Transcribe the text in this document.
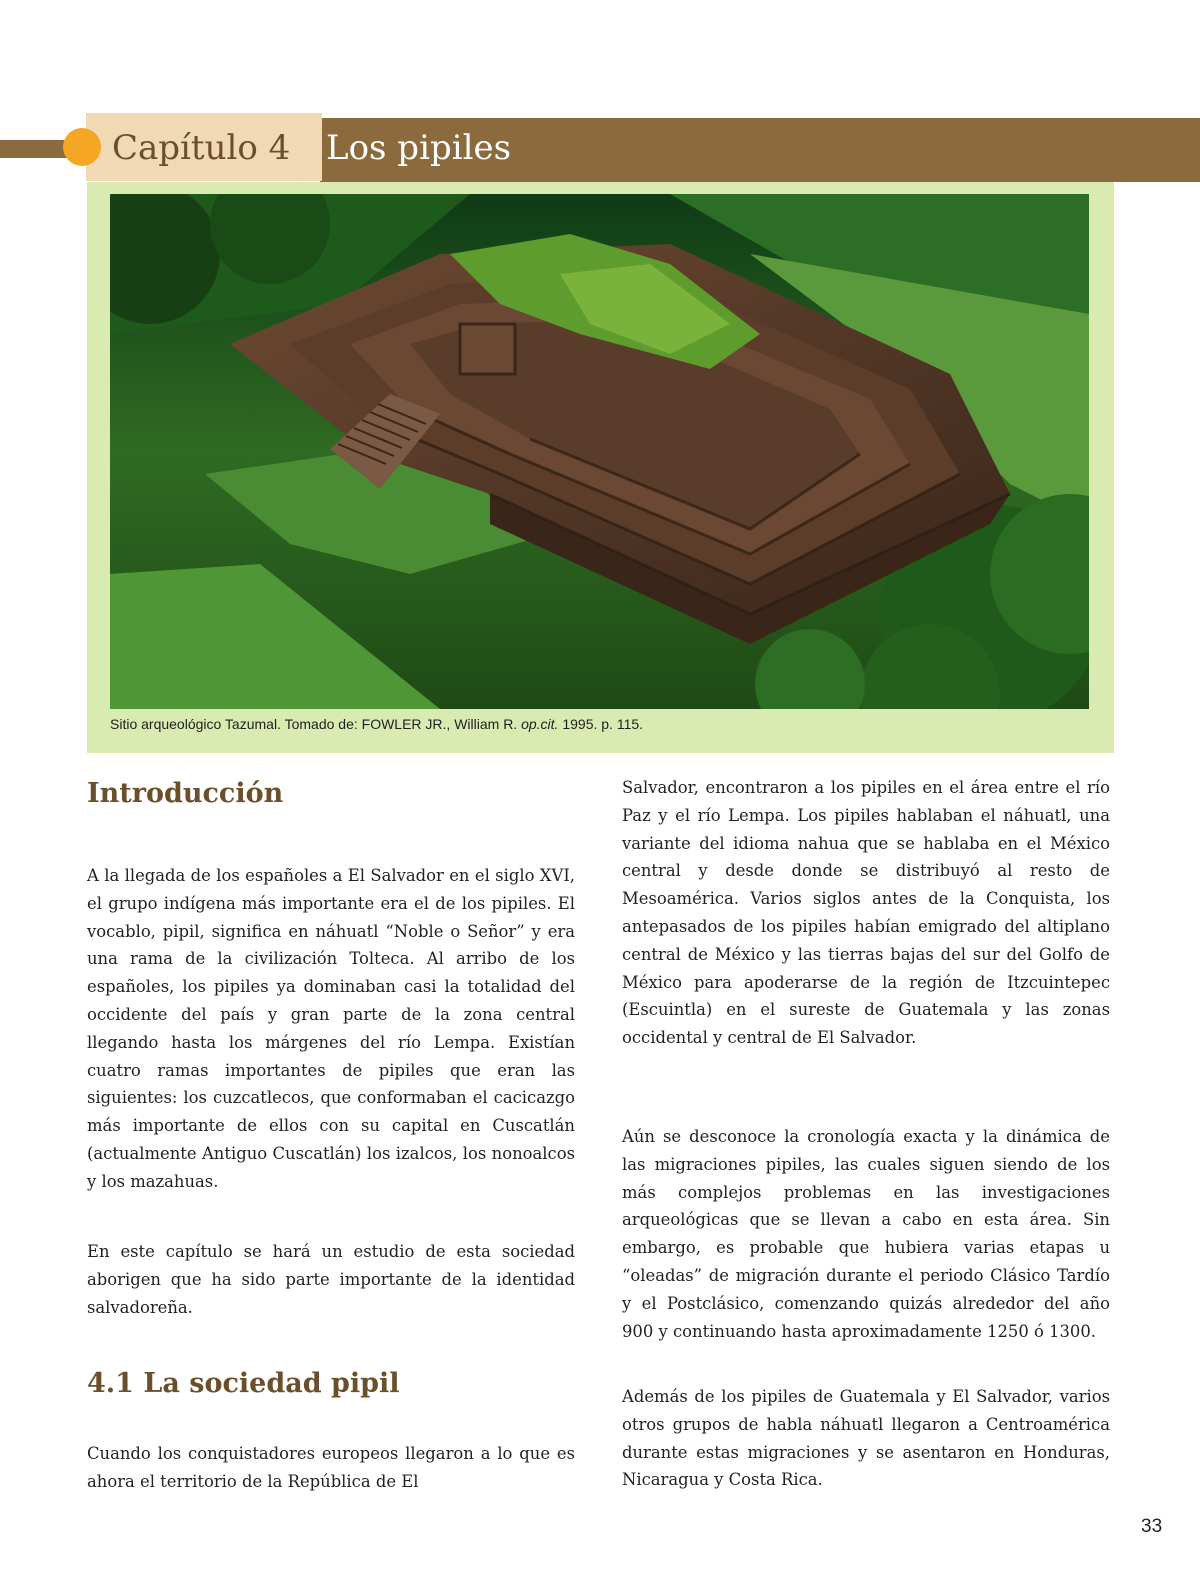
Capítulo 4 Los pipiles
Sitio arqueológico Tazumal. Tomado de: FOWLER JR., William R. op.cit. 1995. p. 115.
Introducción

A la llegada de los españoles a El Salvador en el siglo XVI, el grupo indígena más importante era el de los pipiles. El vocablo, pipil, significa en náhuatl “Noble o Señor” y era una rama de la civilización Tolteca. Al arribo de los españoles, los pipiles ya dominaban casi la totalidad del occidente del país y gran parte de la zona central llegando hasta los márgenes del río Lempa. Existían cuatro ramas importantes de pipiles que eran las siguientes: los cuzcatlecos, que conformaban el cacicazgo más importante de ellos con su capital en Cuscatlán (actualmente Antiguo Cuscatlán) los izalcos, los nonoalcos y los mazahuas.

En este capítulo se hará un estudio de esta sociedad aborigen que ha sido parte importante de la identidad salvadoreña.

4.1 La sociedad pipil

Cuando los conquistadores europeos llegaron a lo que es ahora el territorio de la República de El

Salvador, encontraron a los pipiles en el área entre el río Paz y el río Lempa. Los pipiles hablaban el náhuatl, una variante del idioma nahua que se hablaba en el México central y desde donde se distribuyó al resto de Mesoamérica. Varios siglos antes de la Conquista, los antepasados de los pipiles habían emigrado del altiplano central de México y las tierras bajas del sur del Golfo de México para apoderarse de la región de Itzcuintepec (Escuintla) en el sureste de Guatemala y las zonas occidental y central de El Salvador.

Aún se desconoce la cronología exacta y la dinámica de las migraciones pipiles, las cuales siguen siendo de los más complejos problemas en las investigaciones arqueológicas que se llevan a cabo en esta área. Sin embargo, es probable que hubiera varias etapas u “oleadas” de migración durante el periodo Clásico Tardío y el Postclásico, comenzando quizás alrededor del año 900 y continuando hasta aproximadamente 1250 ó 1300.

Además de los pipiles de Guatemala y El Salvador, varios otros grupos de habla náhuatl llegaron a Centroamérica durante estas migraciones y se asentaron en Honduras, Nicaragua y Costa Rica.

33
